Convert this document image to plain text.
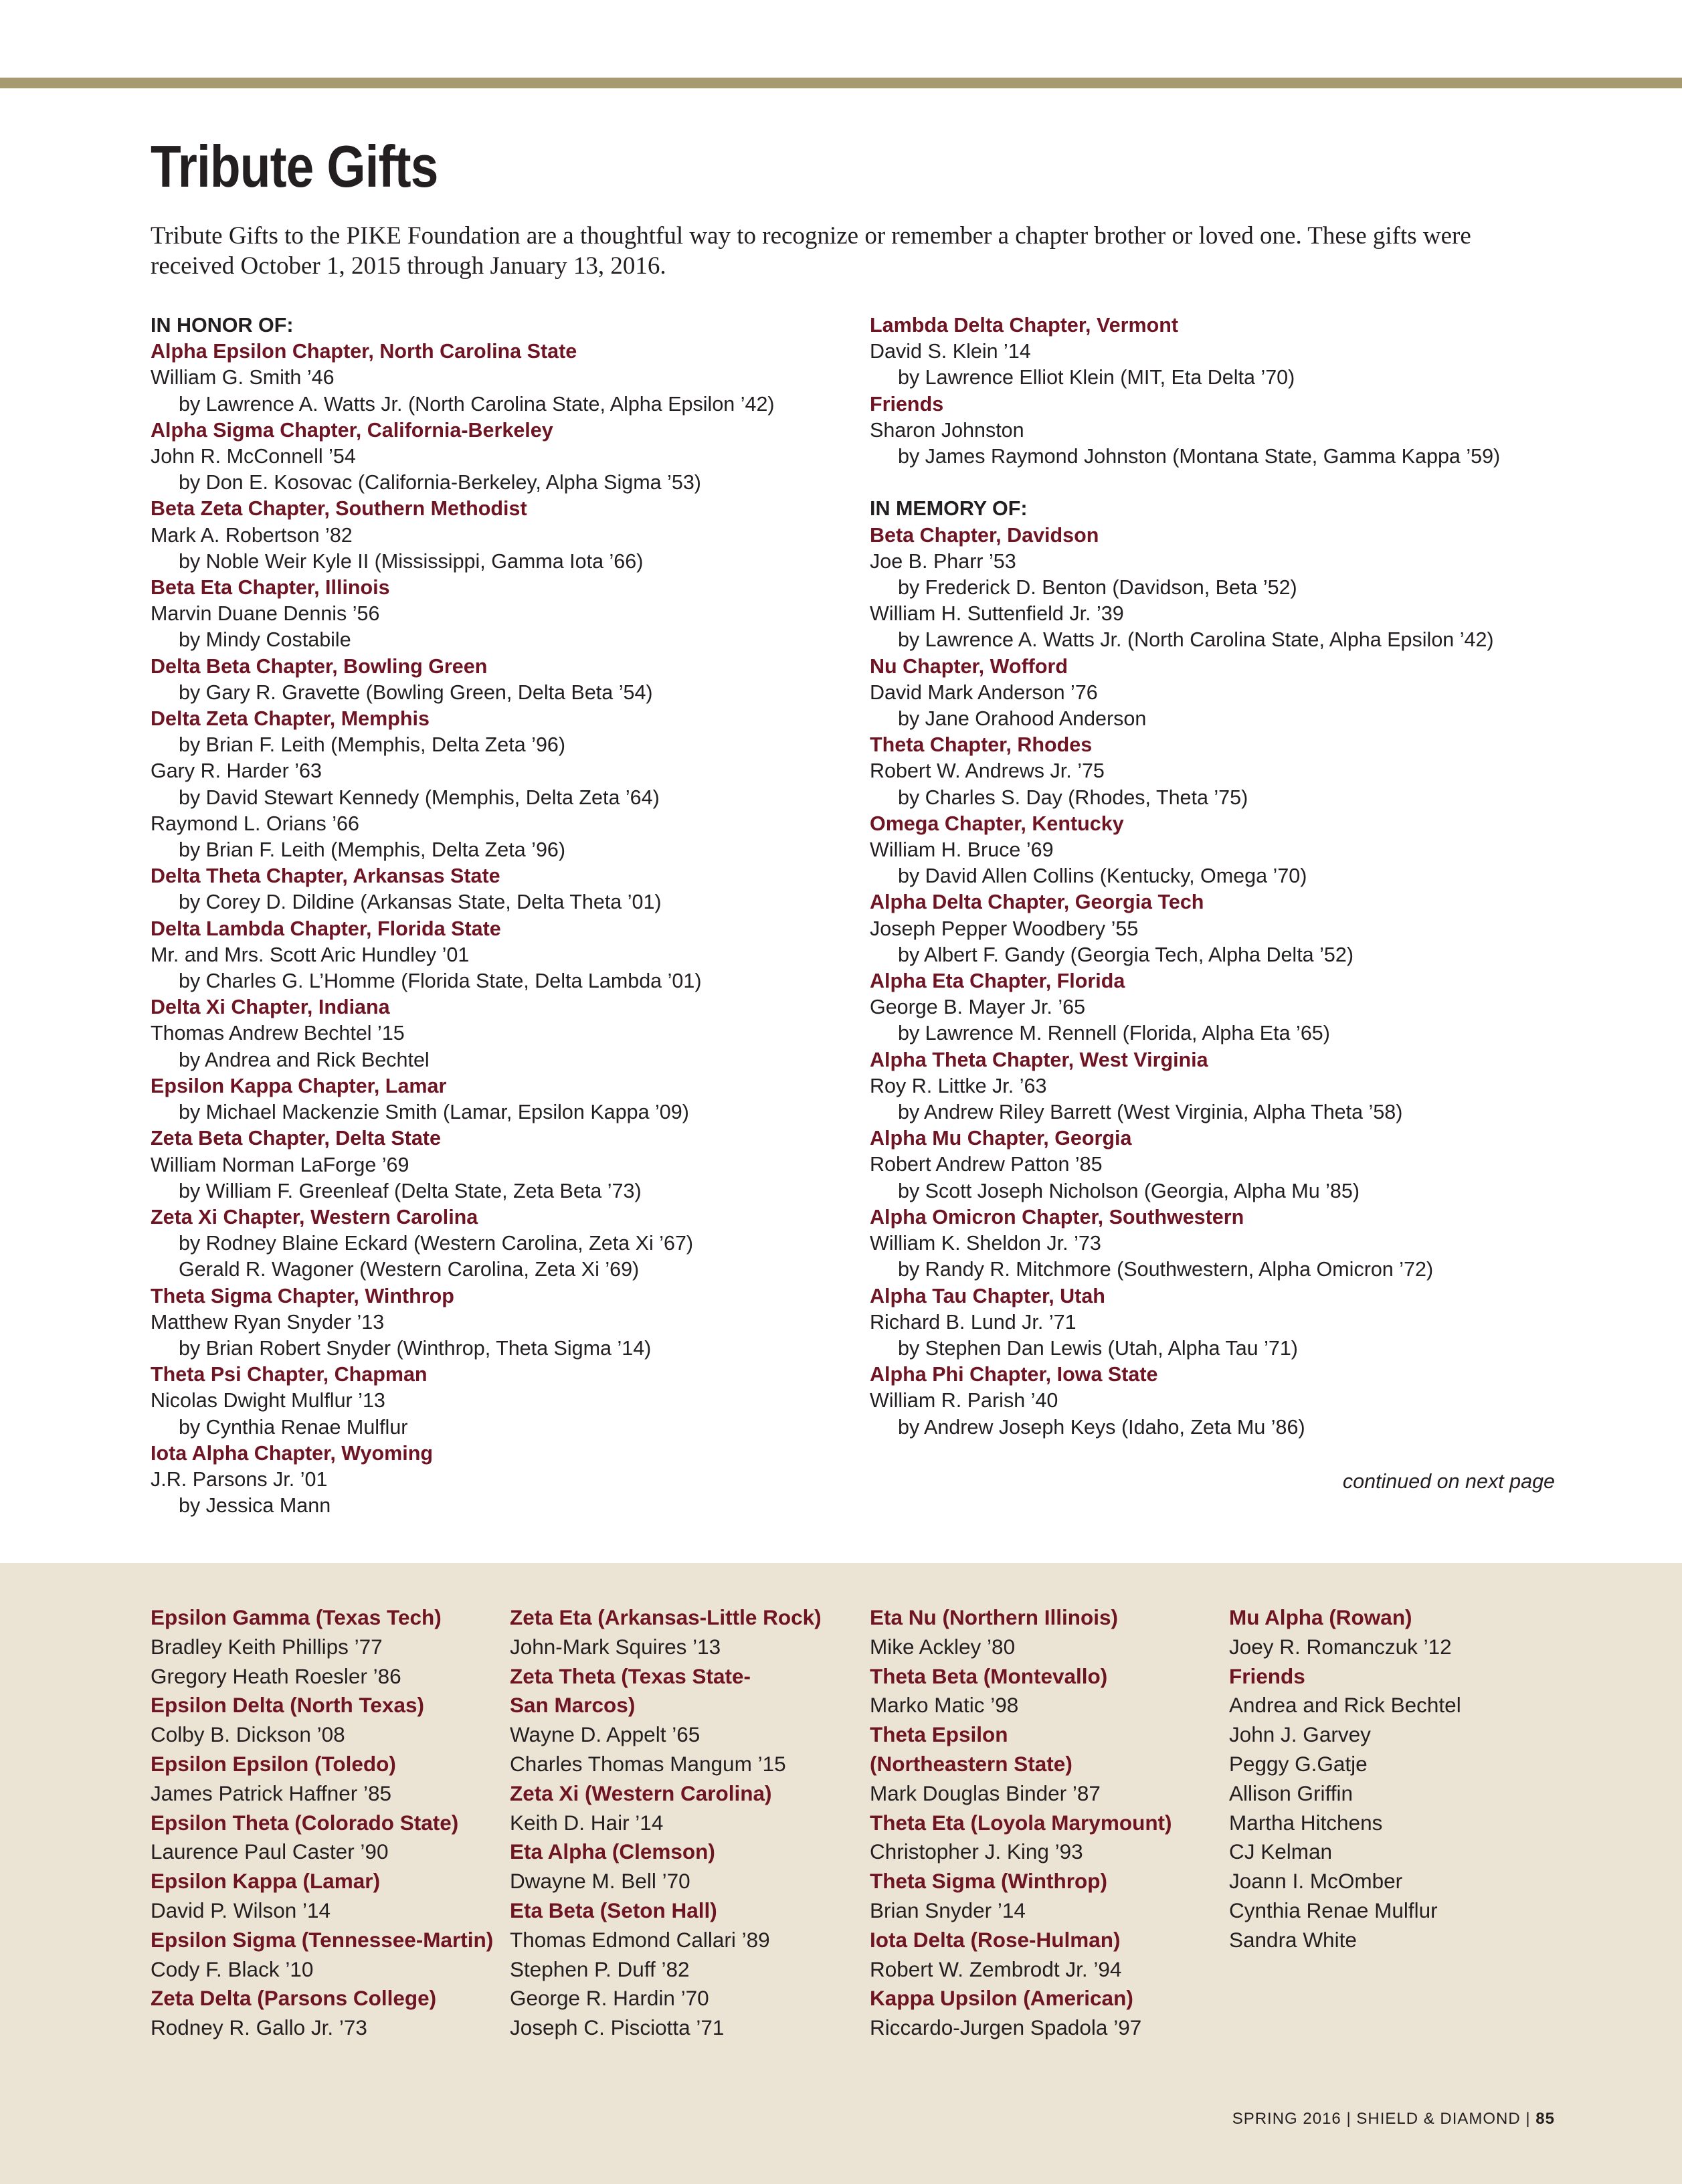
Tribute Gifts

Tribute Gifts to the PIKE Foundation are a thoughtful way to recognize or remember a chapter brother or loved one. These gifts were received October 1, 2015 through January 13, 2016.

IN HONOR OF:
Alpha Epsilon Chapter, North Carolina State
William G. Smith ’46
by Lawrence A. Watts Jr. (North Carolina State, Alpha Epsilon ’42)
Alpha Sigma Chapter, California-Berkeley
John R. McConnell ’54
by Don E. Kosovac (California-Berkeley, Alpha Sigma ’53)
Beta Zeta Chapter, Southern Methodist
Mark A. Robertson ’82
by Noble Weir Kyle II (Mississippi, Gamma Iota ’66)
Beta Eta Chapter, Illinois
Marvin Duane Dennis ’56
by Mindy Costabile
Delta Beta Chapter, Bowling Green
by Gary R. Gravette (Bowling Green, Delta Beta ’54)
Delta Zeta Chapter, Memphis
by Brian F. Leith (Memphis, Delta Zeta ’96)
Gary R. Harder ’63
by David Stewart Kennedy (Memphis, Delta Zeta ’64)
Raymond L. Orians ’66
by Brian F. Leith (Memphis, Delta Zeta ’96)
Delta Theta Chapter, Arkansas State
by Corey D. Dildine (Arkansas State, Delta Theta ’01)
Delta Lambda Chapter, Florida State
Mr. and Mrs. Scott Aric Hundley ’01
by Charles G. L’Homme (Florida State, Delta Lambda ’01)
Delta Xi Chapter, Indiana
Thomas Andrew Bechtel ’15
by Andrea and Rick Bechtel
Epsilon Kappa Chapter, Lamar
by Michael Mackenzie Smith (Lamar, Epsilon Kappa ’09)
Zeta Beta Chapter, Delta State
William Norman LaForge ’69
by William F. Greenleaf (Delta State, Zeta Beta ’73)
Zeta Xi Chapter, Western Carolina
by Rodney Blaine Eckard (Western Carolina, Zeta Xi ’67)
Gerald R. Wagoner (Western Carolina, Zeta Xi ’69)
Theta Sigma Chapter, Winthrop
Matthew Ryan Snyder ’13
by Brian Robert Snyder (Winthrop, Theta Sigma ’14)
Theta Psi Chapter, Chapman
Nicolas Dwight Mulflur ’13
by Cynthia Renae Mulflur
Iota Alpha Chapter, Wyoming
J.R. Parsons Jr. ’01
by Jessica Mann
Lambda Delta Chapter, Vermont
David S. Klein ’14
by Lawrence Elliot Klein (MIT, Eta Delta ’70)
Friends
Sharon Johnston
by James Raymond Johnston (Montana State, Gamma Kappa ’59)
IN MEMORY OF:
Beta Chapter, Davidson
Joe B. Pharr ’53
by Frederick D. Benton (Davidson, Beta ’52)
William H. Suttenfield Jr. ’39
by Lawrence A. Watts Jr. (North Carolina State, Alpha Epsilon ’42)
Nu Chapter, Wofford
David Mark Anderson ’76
by Jane Orahood Anderson
Theta Chapter, Rhodes
Robert W. Andrews Jr. ’75
by Charles S. Day (Rhodes, Theta ’75)
Omega Chapter, Kentucky
William H. Bruce ’69
by David Allen Collins (Kentucky, Omega ’70)
Alpha Delta Chapter, Georgia Tech
Joseph Pepper Woodbery ’55
by Albert F. Gandy (Georgia Tech, Alpha Delta ’52)
Alpha Eta Chapter, Florida
George B. Mayer Jr. ’65
by Lawrence M. Rennell (Florida, Alpha Eta ’65)
Alpha Theta Chapter, West Virginia
Roy R. Littke Jr. ’63
by Andrew Riley Barrett (West Virginia, Alpha Theta ’58)
Alpha Mu Chapter, Georgia
Robert Andrew Patton ’85
by Scott Joseph Nicholson (Georgia, Alpha Mu ’85)
Alpha Omicron Chapter, Southwestern
William K. Sheldon Jr. ’73
by Randy R. Mitchmore (Southwestern, Alpha Omicron ’72)
Alpha Tau Chapter, Utah
Richard B. Lund Jr. ’71
by Stephen Dan Lewis (Utah, Alpha Tau ’71)
Alpha Phi Chapter, Iowa State
William R. Parish ’40
by Andrew Joseph Keys (Idaho, Zeta Mu ’86)
continued on next page
Epsilon Gamma (Texas Tech)
Bradley Keith Phillips ’77
Gregory Heath Roesler ’86
Epsilon Delta (North Texas)
Colby B. Dickson ’08
Epsilon Epsilon (Toledo)
James Patrick Haffner ’85
Epsilon Theta (Colorado State)
Laurence Paul Caster ’90
Epsilon Kappa (Lamar)
David P. Wilson ’14
Epsilon Sigma (Tennessee-Martin)
Cody F. Black ’10
Zeta Delta (Parsons College)
Rodney R. Gallo Jr. ’73
Zeta Eta (Arkansas-Little Rock)
John-Mark Squires ’13
Zeta Theta (Texas State-
San Marcos)
Wayne D. Appelt ’65
Charles Thomas Mangum ’15
Zeta Xi (Western Carolina)
Keith D. Hair ’14
Eta Alpha (Clemson)
Dwayne M. Bell ’70
Eta Beta (Seton Hall)
Thomas Edmond Callari ’89
Stephen P. Duff ’82
George R. Hardin ’70
Joseph C. Pisciotta ’71
Eta Nu (Northern Illinois)
Mike Ackley ’80
Theta Beta (Montevallo)
Marko Matic ’98
Theta Epsilon
(Northeastern State)
Mark Douglas Binder ’87
Theta Eta (Loyola Marymount)
Christopher J. King ’93
Theta Sigma (Winthrop)
Brian Snyder ’14
Iota Delta (Rose-Hulman)
Robert W. Zembrodt Jr. ’94
Kappa Upsilon (American)
Riccardo-Jurgen Spadola ’97
Mu Alpha (Rowan)
Joey R. Romanczuk ’12
Friends
Andrea and Rick Bechtel
John J. Garvey
Peggy G.Gatje
Allison Griffin
Martha Hitchens
CJ Kelman
Joann I. McOmber
Cynthia Renae Mulflur
Sandra White
SPRING 2016 | SHIELD & DIAMOND | 85
